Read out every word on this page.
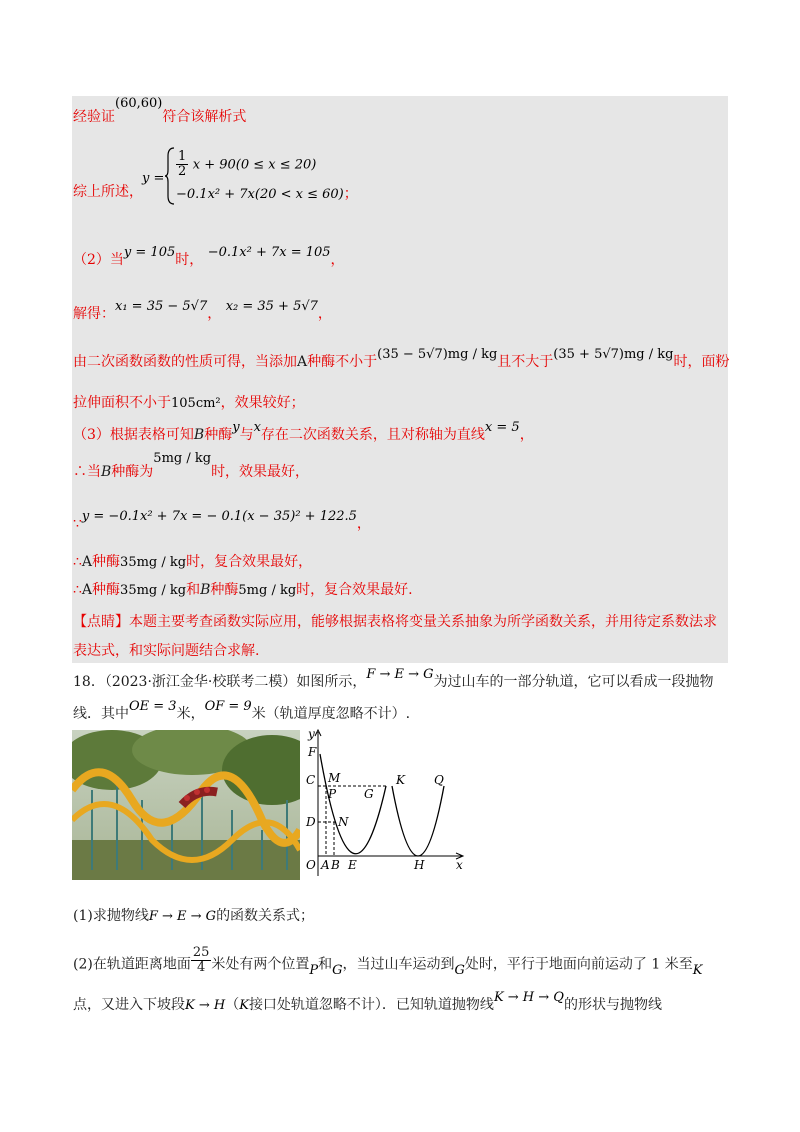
经验证(60,60)符合该解析式
综上所述，
$y = \frac{1}{2}$ x + 90(0 ≤ x ≤ 20)
−0.1x² + 7x(20 < x ≤ 60)；
（2）当y = 105时， −0.1x² + 7x = 105，
解得：x₁ = 35 − 5√7， x₂ = 35 + 5√7，
由二次函数函数的性质可得，当添加A种酶不小于(35 − 5√7)mg / kg且不大于(35 + 5√7)mg / kg时，面粉
拉伸面积不小于105cm²，效果较好；
（3）根据表格可知B种酶y与x存在二次函数关系，且对称轴为直线x = 5，
∴当B种酶为5mg / kg时，效果最好，
∵y = −0.1x² + 7x = − 0.1(x − 35)² + 122.5，
∴A种酶35mg / kg时，复合效果最好，
∴A种酶35mg / kg和B种酶5mg / kg时，复合效果最好.
【点睛】本题主要考查函数实际应用，能够根据表格将变量关系抽象为所学函数关系，并用待定系数法求
表达式，和实际问题结合求解.
18．（2023·浙江金华·校联考二模）如图所示，F → E → G为过山车的一部分轨道，它可以看成一段抛物
线．其中OE = 3米，OF = 9米（轨道厚度忽略不计）.
y
F
C M
P G
K Q
D N
O A B E	H	x
(1)求抛物线F → E → G的函数关系式；
(2)在轨道距离地面 $\frac{25}{4}$ 米处有两个位置P和G，当过山车运动到G处时，平行于地面向前运动了 1 米至K
点，又进入下坡段K → H（K接口处轨道忽略不计）．已知轨道抛物线K → H → Q的形状与抛物线
